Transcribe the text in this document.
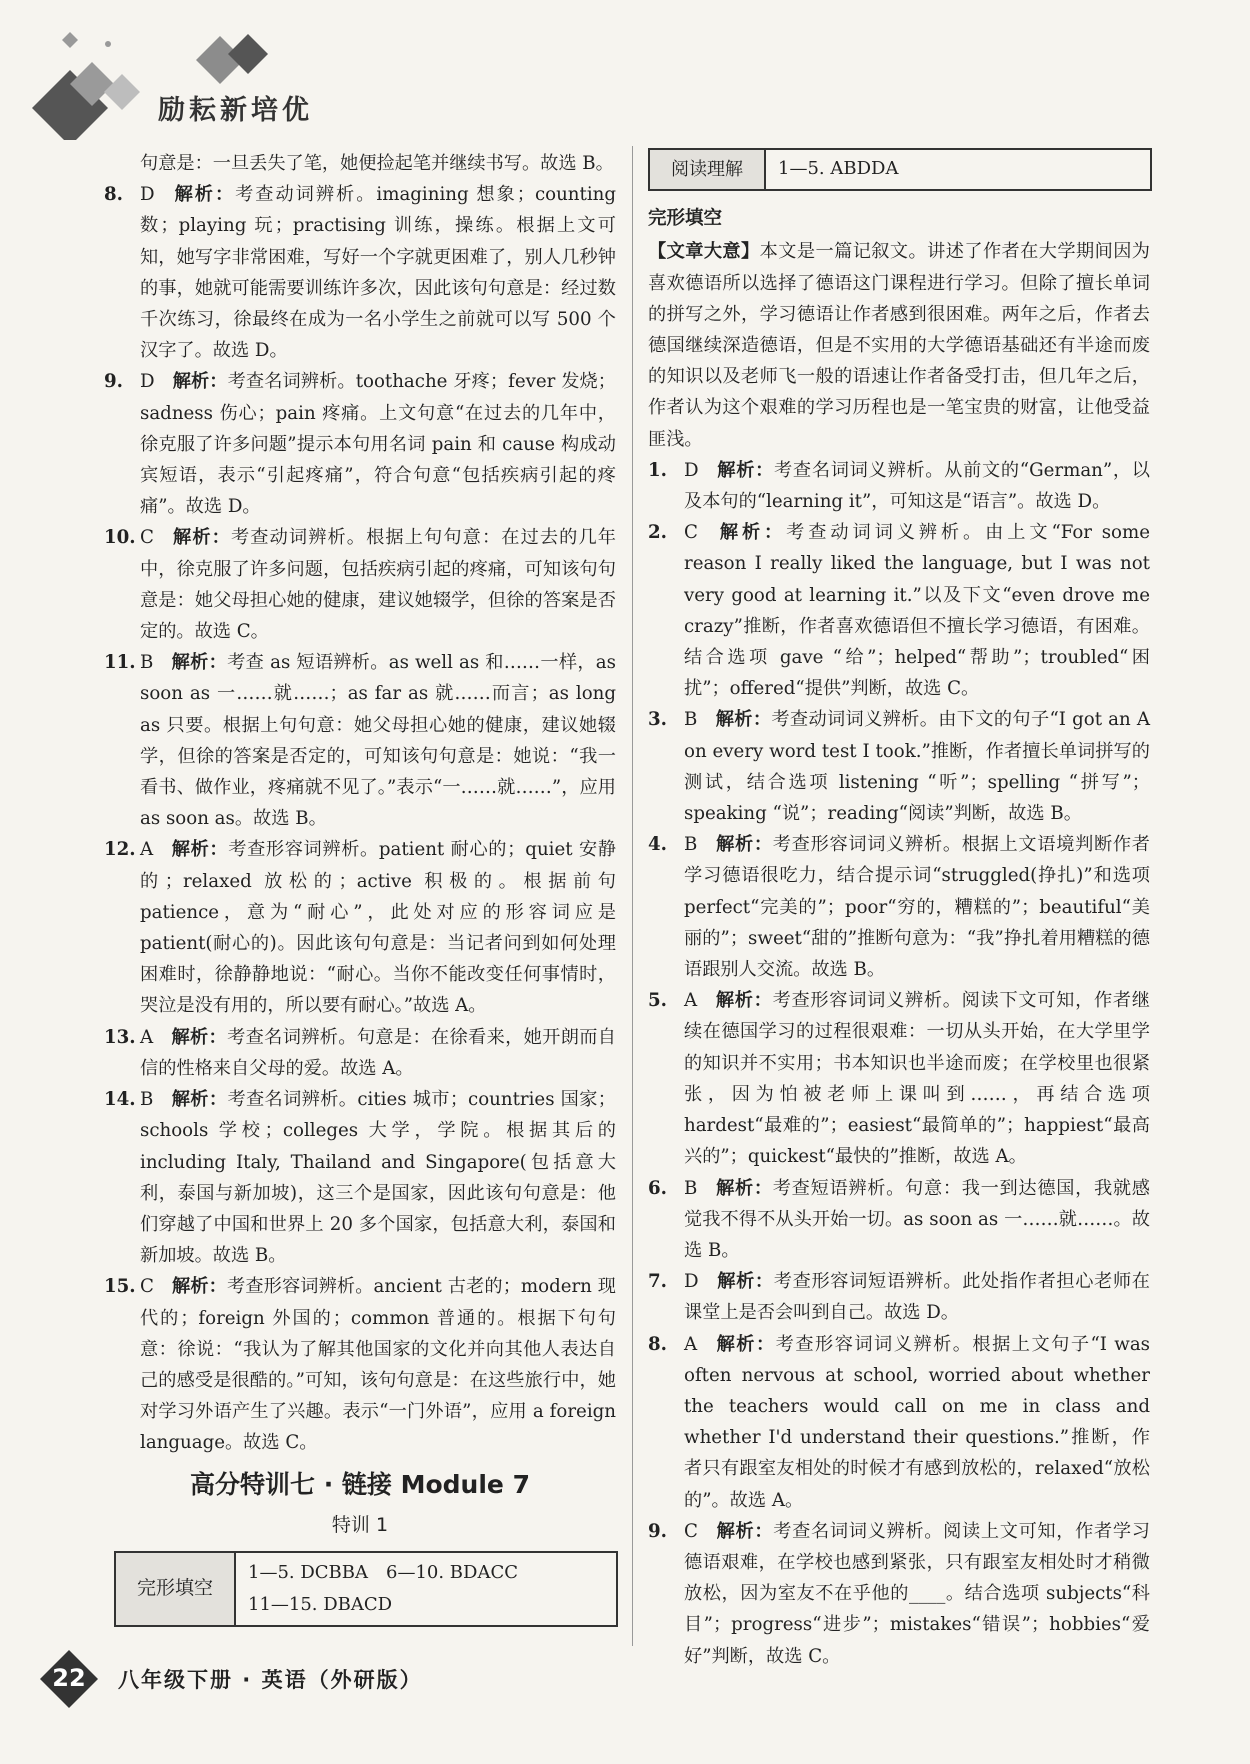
励耘新培优
句意是：一旦丢失了笔，她便捡起笔并继续书写。故选 B。
8. D 解析：考查动词辨析。imagining 想象；counting 数；playing 玩；practising 训练，操练。根据上文可知，她写字非常困难，写好一个字就更困难了，别人几秒钟的事，她就可能需要训练许多次，因此该句句意是：经过数千次练习，徐最终在成为一名小学生之前就可以写 500 个汉字了。故选 D。
9. D 解析：考查名词辨析。toothache 牙疼；fever 发烧；sadness 伤心；pain 疼痛。上文句意“在过去的几年中，徐克服了许多问题”提示本句用名词 pain 和 cause 构成动宾短语，表示“引起疼痛”，符合句意“包括疾病引起的疼痛”。故选 D。
10. C 解析：考查动词辨析。根据上句句意：在过去的几年中，徐克服了许多问题，包括疾病引起的疼痛，可知该句句意是：她父母担心她的健康，建议她辍学，但徐的答案是否定的。故选 C。
11. B 解析：考查 as 短语辨析。as well as 和……一样，as soon as 一……就……；as far as 就……而言；as long as 只要。根据上句句意：她父母担心她的健康，建议她辍学，但徐的答案是否定的，可知该句句意是：她说：“我一看书、做作业，疼痛就不见了。”表示“一……就……”，应用 as soon as。故选 B。
12. A 解析：考查形容词辨析。patient 耐心的；quiet 安静的；relaxed 放松的；active 积极的。根据前句 patience，意为“耐心”，此处对应的形容词应是 patient(耐心的)。因此该句句意是：当记者问到如何处理困难时，徐静静地说：“耐心。当你不能改变任何事情时，哭泣是没有用的，所以要有耐心。”故选 A。
13. A 解析：考查名词辨析。句意是：在徐看来，她开朗而自信的性格来自父母的爱。故选 A。
14. B 解析：考查名词辨析。cities 城市；countries 国家；schools 学校；colleges 大学，学院。根据其后的 including Italy, Thailand and Singapore(包括意大利，泰国与新加坡)，这三个是国家，因此该句句意是：他们穿越了中国和世界上 20 多个国家，包括意大利，泰国和新加坡。故选 B。
15. C 解析：考查形容词辨析。ancient 古老的；modern 现代的；foreign 外国的；common 普通的。根据下句句意：徐说：“我认为了解其他国家的文化并向其他人表达自己的感受是很酷的。”可知，该句句意是：在这些旅行中，她对学习外语产生了兴趣。表示“一门外语”，应用 a foreign language。故选 C。
高分特训七 · 链接 Module 7
特训 1
完形填空
1—5. DCBBA　6—10. BDACC
11—15. DBACD
阅读理解	1—5. ABDDA
完形填空
【文章大意】本文是一篇记叙文。讲述了作者在大学期间因为喜欢德语所以选择了德语这门课程进行学习。但除了擅长单词的拼写之外，学习德语让作者感到很困难。两年之后，作者去德国继续深造德语，但是不实用的大学德语基础还有半途而废的知识以及老师飞一般的语速让作者备受打击，但几年之后，作者认为这个艰难的学习历程也是一笔宝贵的财富，让他受益匪浅。
1. D 解析：考查名词词义辨析。从前文的“German”，以及本句的“learning it”，可知这是“语言”。故选 D。
2. C 解析：考查动词词义辨析。由上文“For some reason I really liked the language, but I was not very good at learning it.”以及下文“even drove me crazy”推断，作者喜欢德语但不擅长学习德语，有困难。结合选项 gave “给”；helped“帮助”；troubled“困扰”；offered“提供”判断，故选 C。
3. B 解析：考查动词词义辨析。由下文的句子“I got an A on every word test I took.”推断，作者擅长单词拼写的测试，结合选项 listening “听”；spelling “拼写”；speaking “说”；reading“阅读”判断，故选 B。
4. B 解析：考查形容词词义辨析。根据上文语境判断作者学习德语很吃力，结合提示词“struggled(挣扎)”和选项 perfect“完美的”；poor“穷的，糟糕的”；beautiful“美丽的”；sweet“甜的”推断句意为：“我”挣扎着用糟糕的德语跟别人交流。故选 B。
5. A 解析：考查形容词词义辨析。阅读下文可知，作者继续在德国学习的过程很艰难：一切从头开始，在大学里学的知识并不实用；书本知识也半途而废；在学校里也很紧张，因为怕被老师上课叫到……，再结合选项 hardest“最难的”；easiest“最简单的”；happiest“最高兴的”；quickest“最快的”推断，故选 A。
6. B 解析：考查短语辨析。句意：我一到达德国，我就感觉我不得不从头开始一切。as soon as 一……就……。故选 B。
7. D 解析：考查形容词短语辨析。此处指作者担心老师在课堂上是否会叫到自己。故选 D。
8. A 解析：考查形容词词义辨析。根据上文句子“I was often nervous at school, worried about whether the teachers would call on me in class and whether I'd understand their questions.”推断，作者只有跟室友相处的时候才有感到放松的，relaxed“放松的”。故选 A。
9. C 解析：考查名词词义辨析。阅读上文可知，作者学习德语艰难，在学校也感到紧张，只有跟室友相处时才稍微放松，因为室友不在乎他的____。结合选项 subjects“科目”；progress“进步”；mistakes“错误”；hobbies“爱好”判断，故选 C。
22	八年级下册 · 英语（外研版）
